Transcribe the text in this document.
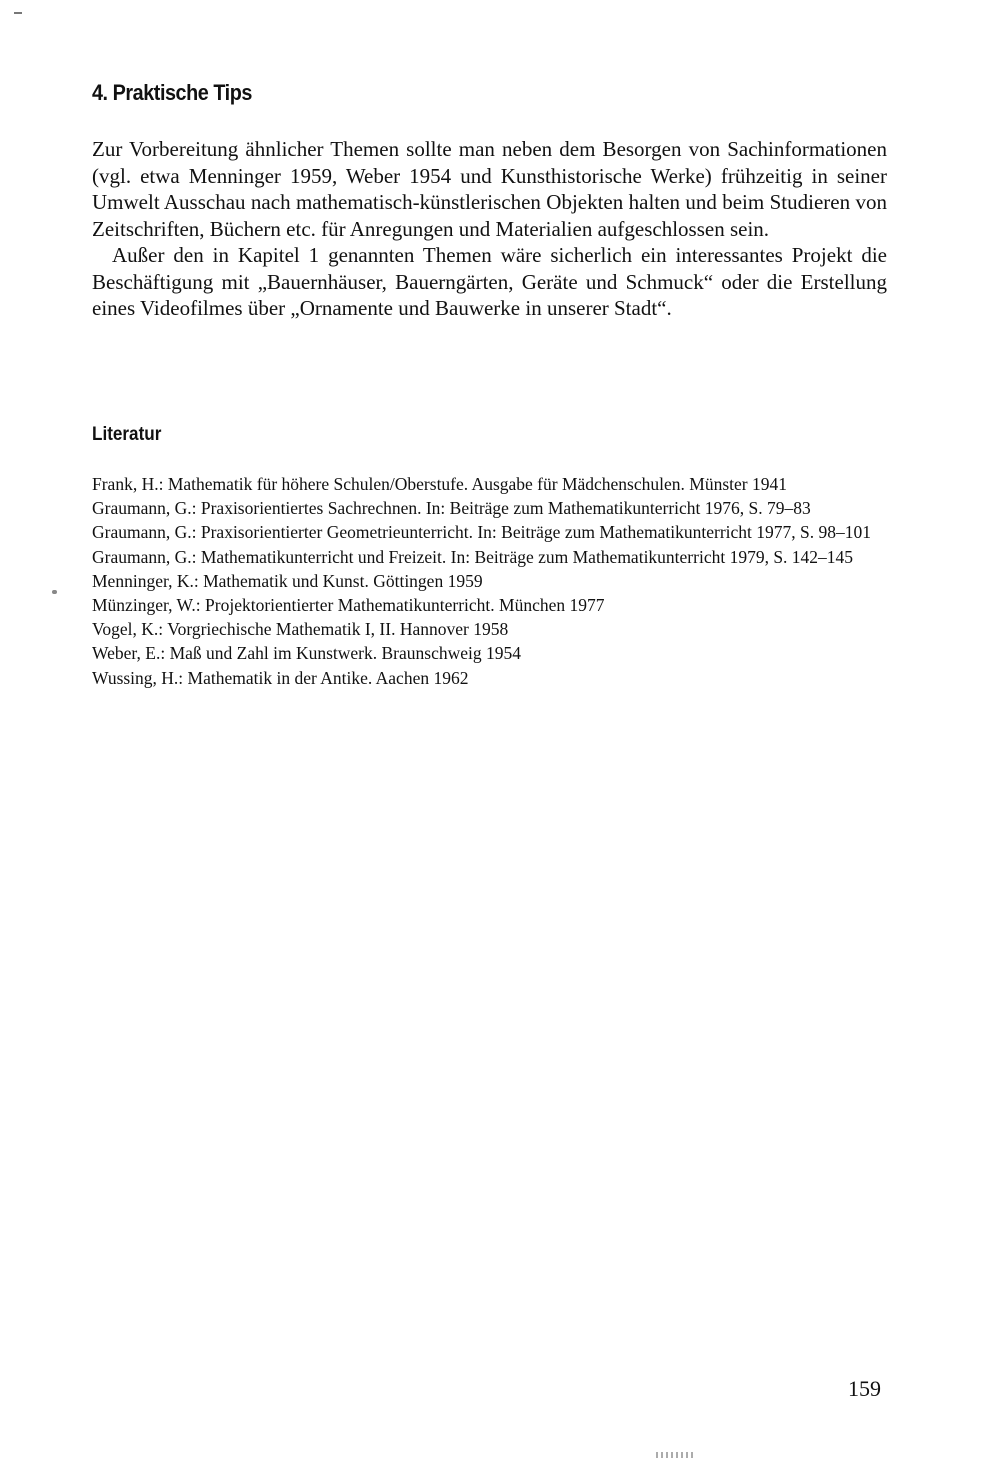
4. Praktische Tips

Zur Vorbereitung ähnlicher Themen sollte man neben dem Besorgen von Sachinformationen (vgl. etwa Menninger 1959, Weber 1954 und Kunsthistorische Werke) frühzeitig in seiner Umwelt Ausschau nach mathematisch-künstlerischen Objekten halten und beim Studieren von Zeitschriften, Büchern etc. für Anregungen und Materialien aufgeschlossen sein.

Außer den in Kapitel 1 genannten Themen wäre sicherlich ein interessantes Projekt die Beschäftigung mit „Bauernhäuser, Bauerngärten, Geräte und Schmuck“ oder die Erstellung eines Videofilmes über „Ornamente und Bauwerke in unserer Stadt“.

Literatur
Frank, H.: Mathematik für höhere Schulen/Oberstufe. Ausgabe für Mädchenschulen. Münster 1941
Graumann, G.: Praxisorientiertes Sachrechnen. In: Beiträge zum Mathematikunterricht 1976, S. 79–83
Graumann, G.: Praxisorientierter Geometrieunterricht. In: Beiträge zum Mathematikunterricht 1977, S. 98–101
Graumann, G.: Mathematikunterricht und Freizeit. In: Beiträge zum Mathematikunterricht 1979, S. 142–145
Menninger, K.: Mathematik und Kunst. Göttingen 1959
Münzinger, W.: Projektorientierter Mathematikunterricht. München 1977
Vogel, K.: Vorgriechische Mathematik I, II. Hannover 1958
Weber, E.: Maß und Zahl im Kunstwerk. Braunschweig 1954
Wussing, H.: Mathematik in der Antike. Aachen 1962
159
